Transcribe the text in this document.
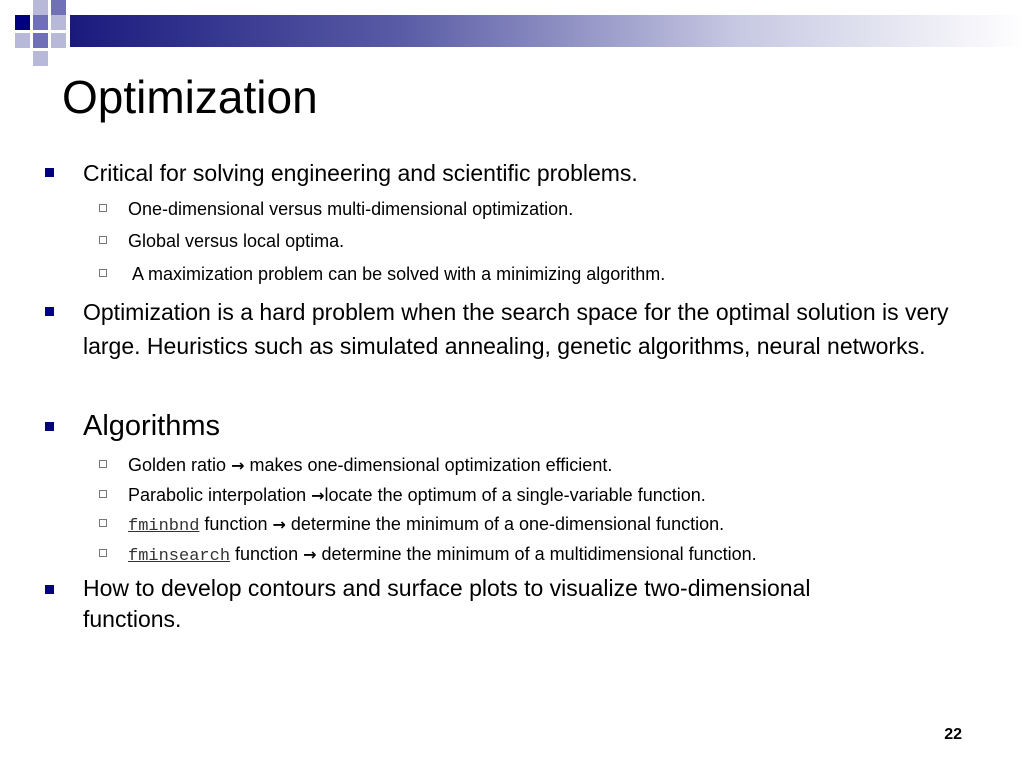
Optimization
Critical for solving engineering and scientific problems.
One-dimensional versus multi-dimensional optimization.
Global versus local optima.
A maximization problem can be solved with a minimizing algorithm.
Optimization is a hard problem when the search space for the optimal solution is very large. Heuristics such as simulated annealing, genetic algorithms, neural networks.
Algorithms
Golden ratio → makes one-dimensional optimization efficient.
Parabolic interpolation →locate the optimum of a single-variable function.
fminbnd function → determine the minimum of a one-dimensional function.
fminsearch function → determine the minimum of a multidimensional function.
How to develop contours and surface plots to visualize two-dimensional functions.
22
